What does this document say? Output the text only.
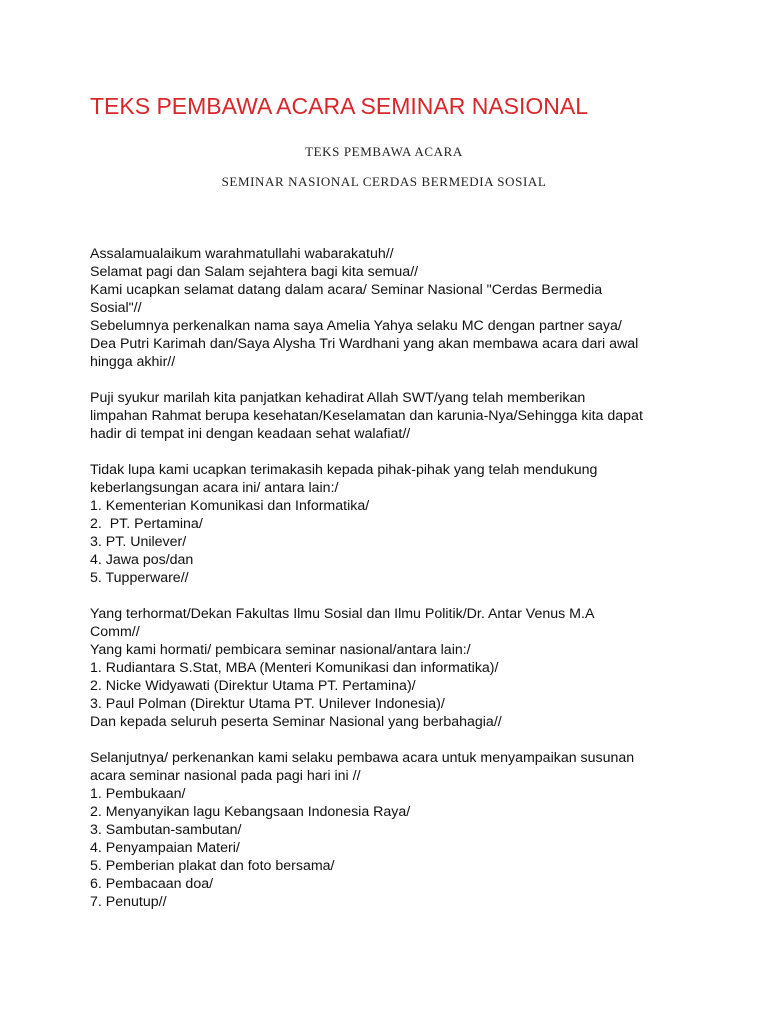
TEKS PEMBAWA ACARA SEMINAR NASIONAL

TEKS PEMBAWA ACARA

SEMINAR NASIONAL CERDAS BERMEDIA SOSIAL

Assalamualaikum warahmatullahi wabarakatuh//
Selamat pagi dan Salam sejahtera bagi kita semua//
Kami ucapkan selamat datang dalam acara/ Seminar Nasional "Cerdas Bermedia
Sosial"//
Sebelumnya perkenalkan nama saya Amelia Yahya selaku MC dengan partner saya/
Dea Putri Karimah dan/Saya Alysha Tri Wardhani yang akan membawa acara dari awal
hingga akhir//

Puji syukur marilah kita panjatkan kehadirat Allah SWT/yang telah memberikan
limpahan Rahmat berupa kesehatan/Keselamatan dan karunia-Nya/Sehingga kita dapat
hadir di tempat ini dengan keadaan sehat walafiat//

Tidak lupa kami ucapkan terimakasih kepada pihak-pihak yang telah mendukung
keberlangsungan acara ini/ antara lain:/
1. Kementerian Komunikasi dan Informatika/
2.  PT. Pertamina/
3. PT. Unilever/
4. Jawa pos/dan
5. Tupperware//

Yang terhormat/Dekan Fakultas Ilmu Sosial dan Ilmu Politik/Dr. Antar Venus M.A
Comm//
Yang kami hormati/ pembicara seminar nasional/antara lain:/
1. Rudiantara S.Stat, MBA (Menteri Komunikasi dan informatika)/
2. Nicke Widyawati (Direktur Utama PT. Pertamina)/
3. Paul Polman (Direktur Utama PT. Unilever Indonesia)/
Dan kepada seluruh peserta Seminar Nasional yang berbahagia//

Selanjutnya/ perkenankan kami selaku pembawa acara untuk menyampaikan susunan
acara seminar nasional pada pagi hari ini //
1. Pembukaan/
2. Menyanyikan lagu Kebangsaan Indonesia Raya/
3. Sambutan-sambutan/
4. Penyampaian Materi/
5. Pemberian plakat dan foto bersama/
6. Pembacaan doa/
7. Penutup//
